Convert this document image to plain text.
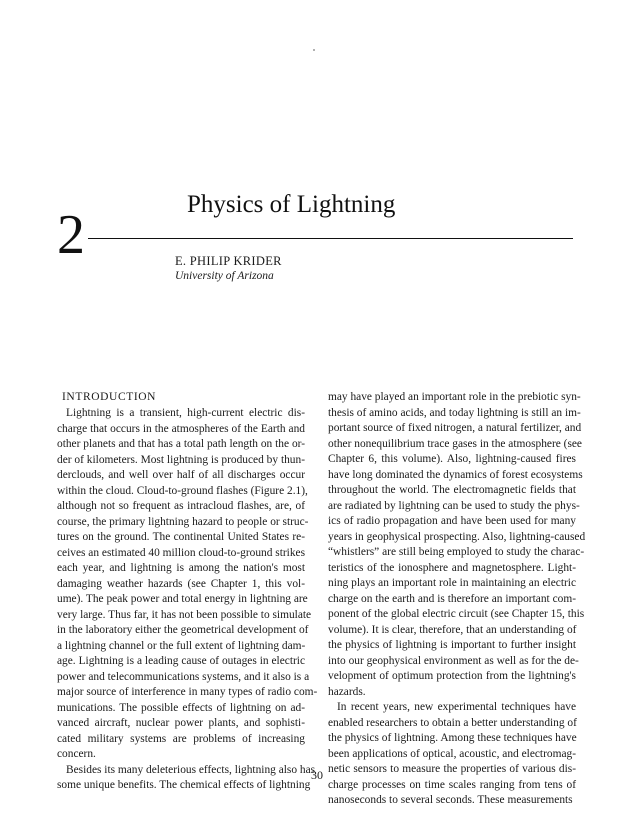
2	Physics of Lightning
E. PHILIP KRIDER
University of Arizona
INTRODUCTION
Lightning is a transient, high-current electric dis-
charge that occurs in the atmospheres of the Earth and
other planets and that has a total path length on the or-
der of kilometers. Most lightning is produced by thun-
derclouds, and well over half of all discharges occur
within the cloud. Cloud-to-ground flashes (Figure 2.1),
although not so frequent as intracloud flashes, are, of
course, the primary lightning hazard to people or struc-
tures on the ground. The continental United States re-
ceives an estimated 40 million cloud-to-ground strikes
each year, and lightning is among the nation's most
damaging weather hazards (see Chapter 1, this vol-
ume). The peak power and total energy in lightning are
very large. Thus far, it has not been possible to simulate
in the laboratory either the geometrical development of
a lightning channel or the full extent of lightning dam-
age. Lightning is a leading cause of outages in electric
power and telecommunications systems, and it also is a
major source of interference in many types of radio com-
munications. The possible effects of lightning on ad-
vanced aircraft, nuclear power plants, and sophisti-
cated military systems are problems of increasing
concern.
Besides its many deleterious effects, lightning also has
some unique benefits. The chemical effects of lightning
may have played an important role in the prebiotic syn-
thesis of amino acids, and today lightning is still an im-
portant source of fixed nitrogen, a natural fertilizer, and
other nonequilibrium trace gases in the atmosphere (see
Chapter 6, this volume). Also, lightning-caused fires
have long dominated the dynamics of forest ecosystems
throughout the world. The electromagnetic fields that
are radiated by lightning can be used to study the phys-
ics of radio propagation and have been used for many
years in geophysical prospecting. Also, lightning-caused
“whistlers” are still being employed to study the charac-
teristics of the ionosphere and magnetosphere. Light-
ning plays an important role in maintaining an electric
charge on the earth and is therefore an important com-
ponent of the global electric circuit (see Chapter 15, this
volume). It is clear, therefore, that an understanding of
the physics of lightning is important to further insight
into our geophysical environment as well as for the de-
velopment of optimum protection from the lightning's
hazards.
In recent years, new experimental techniques have
enabled researchers to obtain a better understanding of
the physics of lightning. Among these techniques have
been applications of optical, acoustic, and electromag-
netic sensors to measure the properties of various dis-
charge processes on time scales ranging from tens of
nanoseconds to several seconds. These measurements
30
